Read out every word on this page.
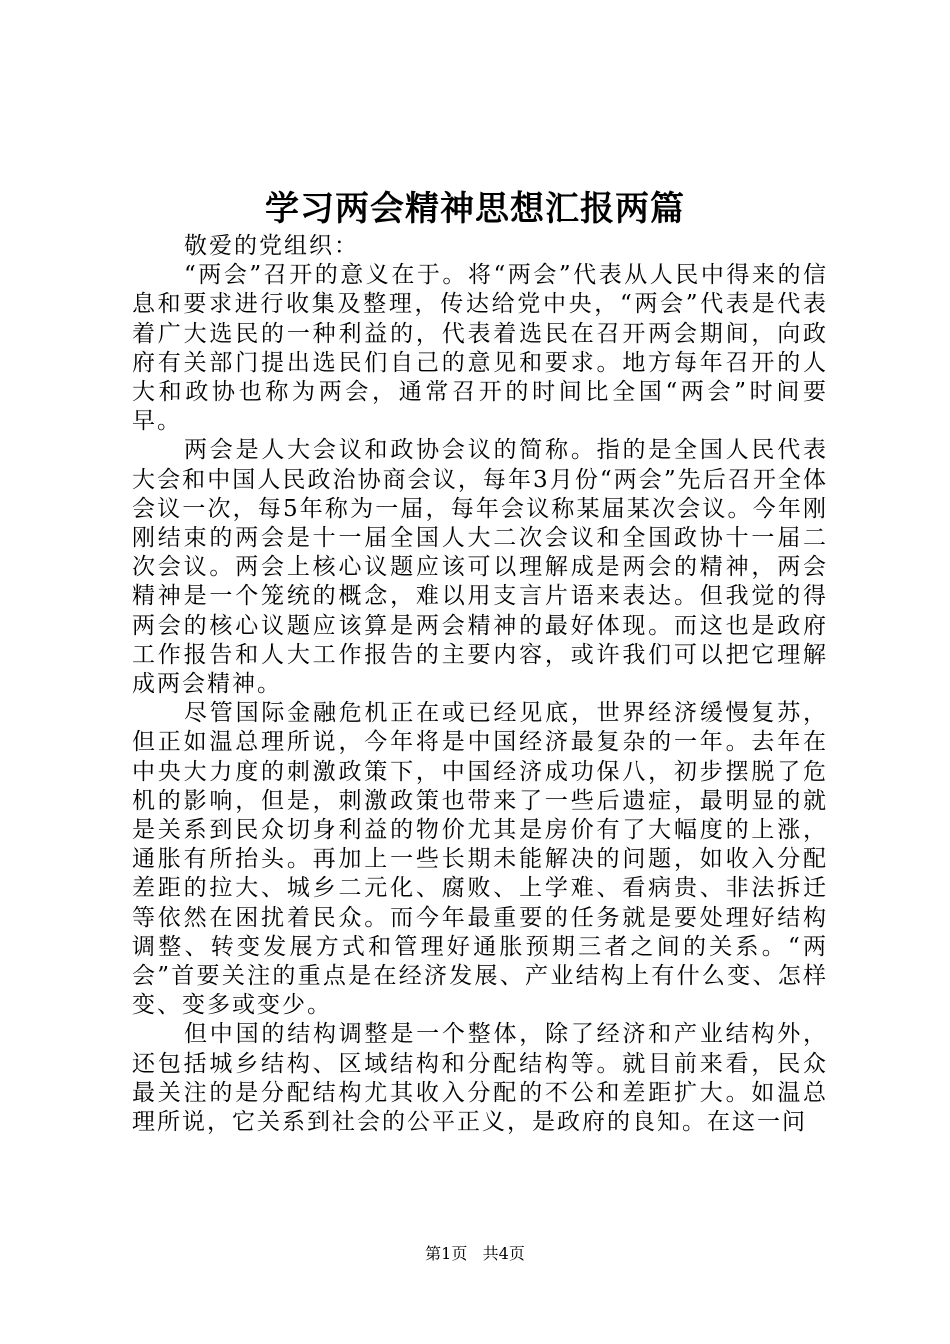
学习两会精神思想汇报两篇

敬爱的党组织：

“两会”召开的意义在于。将“两会”代表从人民中得来的信息和要求进行收集及整理，传达给党中央，“两会”代表是代表着广大选民的一种利益的，代表着选民在召开两会期间，向政府有关部门提出选民们自己的意见和要求。地方每年召开的人大和政协也称为两会，通常召开的时间比全国“两会”时间要早。

两会是人大会议和政协会议的简称。指的是全国人民代表大会和中国人民政治协商会议，每年3月份“两会”先后召开全体会议一次，每5年称为一届，每年会议称某届某次会议。今年刚刚结束的两会是十一届全国人大二次会议和全国政协十一届二次会议。两会上核心议题应该可以理解成是两会的精神，两会精神是一个笼统的概念，难以用支言片语来表达。但我觉的得两会的核心议题应该算是两会精神的最好体现。而这也是政府工作报告和人大工作报告的主要内容，或许我们可以把它理解成两会精神。

尽管国际金融危机正在或已经见底，世界经济缓慢复苏，但正如温总理所说，今年将是中国经济最复杂的一年。去年在中央大力度的刺激政策下，中国经济成功保八，初步摆脱了危机的影响，但是，刺激政策也带来了一些后遗症，最明显的就是关系到民众切身利益的物价尤其是房价有了大幅度的上涨，通胀有所抬头。再加上一些长期未能解决的问题，如收入分配差距的拉大、城乡二元化、腐败、上学难、看病贵、非法拆迁等依然在困扰着民众。而今年最重要的任务就是要处理好结构调整、转变发展方式和管理好通胀预期三者之间的关系。“两会”首要关注的重点是在经济发展、产业结构上有什么变、怎样变、变多或变少。

但中国的结构调整是一个整体，除了经济和产业结构外，还包括城乡结构、区域结构和分配结构等。就目前来看，民众最关注的是分配结构尤其收入分配的不公和差距扩大。如温总理所说，它关系到社会的公平正义，是政府的良知。在这一问

第1页 共4页
